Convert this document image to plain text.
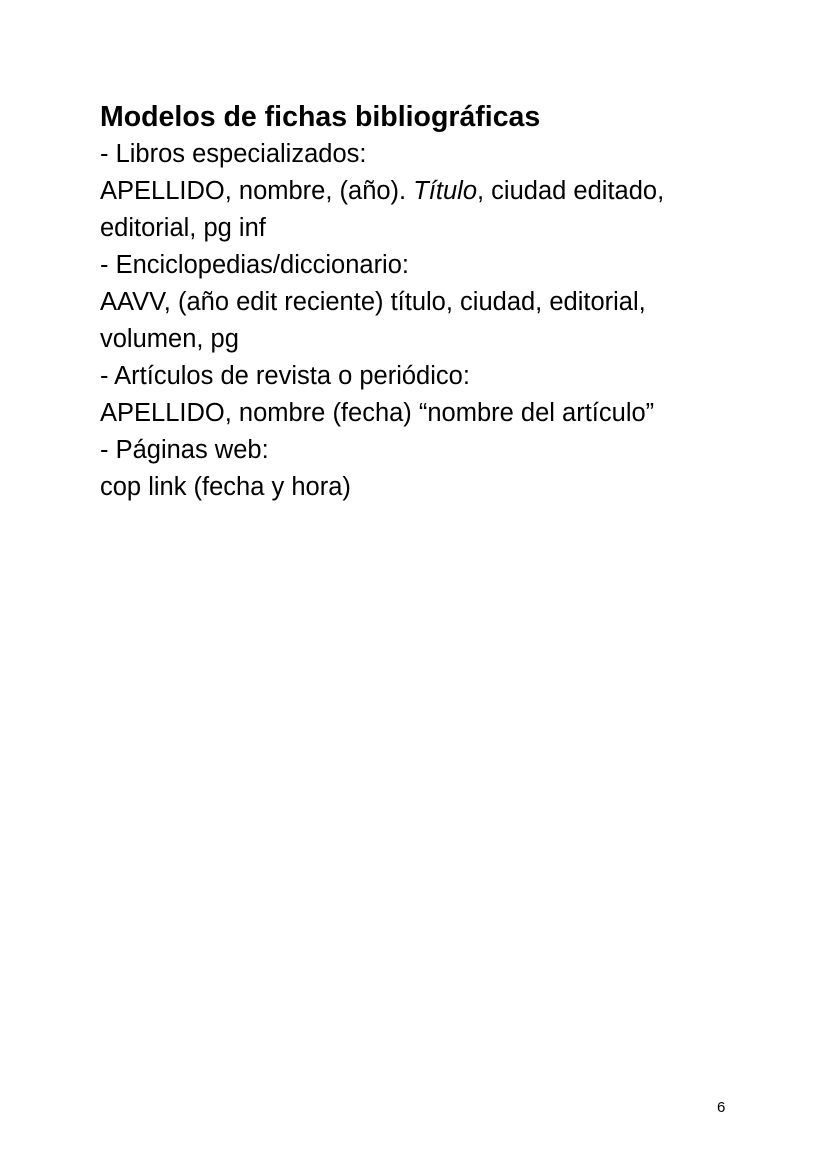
Modelos de fichas bibliográficas

- Libros especializados:

APELLIDO, nombre, (año). Título, ciudad editado,

editorial, pg inf

- Enciclopedias/diccionario:

AAVV, (año edit reciente) título, ciudad, editorial,

volumen, pg

- Artículos de revista o periódico:

APELLIDO, nombre (fecha) “nombre del artículo”

- Páginas web:

cop link (fecha y hora)

6
